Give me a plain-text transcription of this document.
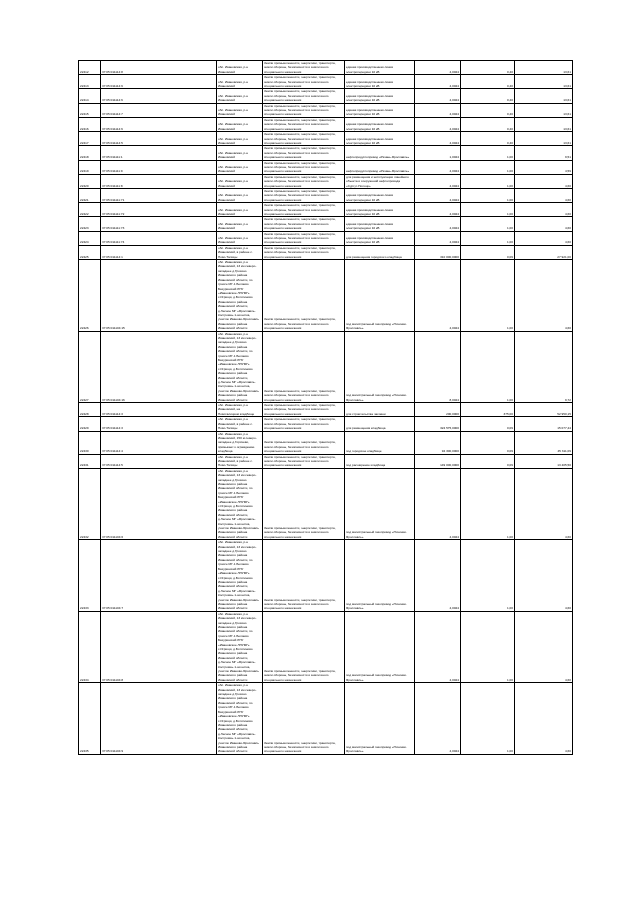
22412	37:05:011114:8	обл. Ивановская, р-н Ивановский	Земли промышленности, энергетики, транспорта, земли обороны, безопасности и земли иного специального назначения	единая производственная линия электропередачи 10 кВ	4,0024	0,40	13,61
22413	37:05:011114:9	обл. Ивановская, р-н Ивановский	Земли промышленности, энергетики, транспорта, земли обороны, безопасности и земли иного специального назначения	единая производственная линия электропередачи 10 кВ	4,0024	0,40	13,61
22414	37:05:011114:6	обл. Ивановская, р-н Ивановский	Земли промышленности, энергетики, транспорта, земли обороны, безопасности и земли иного специального назначения	единая производственная линия электропередачи 10 кВ	4,0024	0,40	13,61
22415	37:05:011114:7	обл. Ивановская, р-н Ивановский	Земли промышленности, энергетики, транспорта, земли обороны, безопасности и земли иного специального назначения	единая производственная линия электропередачи 10 кВ	4,0024	0,40	13,61
22416	37:05:011114:6	обл. Ивановская, р-н Ивановский	Земли промышленности, энергетики, транспорта, земли обороны, безопасности и земли иного специального назначения	единая производственная линия электропередачи 10 кВ	4,0024	0,40	13,61
22417	37:05:011114:5	обл. Ивановская, р-н Ивановский	Земли промышленности, энергетики, транспорта, земли обороны, безопасности и земли иного специального назначения	единая производственная линия электропередачи 10 кВ	4,0024	0,40	13,61
22418	37:05:011111:1	обл. Ивановская, р-н Ивановский	Земли промышленности, энергетики, транспорта, земли обороны, безопасности и земли иного специального назначения	нефтепродуктопровод «Рязань-Ярославль»	1,0024	1,00	9,51
22419	37:05:011111:9	обл. Ивановская, р-н Ивановский	Земли промышленности, энергетики, транспорта, земли обороны, безопасности и земли иного специального назначения	нефтепродуктопровод «Рязань-Ярославль»	4,0024	1,00	4,59
22420	37:05:011111:8	обл. Ивановская, р-н Ивановский	Земли промышленности, энергетики, транспорта, земли обороны, безопасности и земли иного специального назначения	для размещения и эксплуатации линейного объекта и сооружений нефтепровода «Сургут-Полоцк»	4,0024	1,00	4,60
22421	37:05:011111:71	обл. Ивановская, р-н Ивановский	Земли промышленности, энергетики, транспорта, земли обороны, безопасности и земли иного специального назначения	единая производственная линия электропередачи 10 кВ	4,0024	1,00	4,60
22422	37:05:011111:72	обл. Ивановская, р-н Ивановский	Земли промышленности, энергетики, транспорта, земли обороны, безопасности и земли иного специального назначения	единая производственная линия электропередачи 10 кВ	4,0024	1,00	4,60
22423	37:05:011111:73	обл. Ивановская, р-н Ивановский	Земли промышленности, энергетики, транспорта, земли обороны, безопасности и земли иного специального назначения	единая производственная линия электропередачи 10 кВ	4,0024	1,00	4,60
22424	37:05:011111:74	обл. Ивановская, р-н Ивановский	Земли промышленности, энергетики, транспорта, земли обороны, безопасности и земли иного специального назначения	единая производственная линия электропередачи 10 кВ	4,0024	1,00	4,60
22425	37:05:011114:1	обл. Ивановская, р-н Ивановский, в районе с. Ново-Талицы	Земли промышленности, энергетики, транспорта, земли обороны, безопасности и земли иного специального назначения	для размещения городского кладбища	310 000,0000	0,09	27 921,00
22426	37:05:011104:15	обл. Ивановская, р-н Ивановский, 13 км северо-западнее д.Грозино Ивановского района Ивановской области, по трассе МГ-1 Беляево Бахуринский ЛПУ «Ивановское ЛПУМГ» с.Игрищи, д.Ботятиново Ивановского района Ивановской области, д.Лесное МГ «Ярославль-Кострома» 1-ая нитка, участок Иваново-Ярославль Ивановского района Ивановской области	Земли промышленности, энергетики, транспорта, земли обороны, безопасности и земли иного специального назначения	под магистральный газопровод «Починки-Ярославль»	4,0024	1,00	4,60
22427	37:05:011104:16	обл. Ивановская, р-н Ивановский, 13 км северо-западнее д.Грозино Ивановского района Ивановской области, по трассе МГ-1 Беляево Бахуринский ЛПУ «Ивановское ЛПУМГ» с.Игрищи, д.Ботятиново Ивановского района Ивановской области, д.Лесное МГ «Ярославль-Кострома» 1-ая нитка, участок Иваново-Ярославль Ивановского района Ивановской области	Земли промышленности, энергетики, транспорта, земли обороны, безопасности и земли иного специального назначения	под магистральный газопровод «Починки-Ярославль»	8,0024	1,00	9,72
22428	37:05:011114:3	обл. Ивановская, р-н Ивановский, на Новоталицком кладбище	Земли промышленности, энергетики, транспорта, земли обороны, безопасности и земли иного специального назначения	для строительства часовни	200,0000	375,00	52 950,15
22429	37:05:011114:3	обл. Ивановская, р-н Ивановский, в районе с. Ново-Талицы	Земли промышленности, энергетики, транспорта, земли обороны, безопасности и земли иного специального назначения	для размещения кладбища	324 575,0000	0,09	15 077,44
22430	37:05:011114:4	обл. Ивановская, р-н Ивановский, 150 м северо-западнее д.Горячево, примыкает к ограждению кладбища	Земли промышленности, энергетики, транспорта, земли обороны, безопасности и земли иного специального назначения	под городское кладбище	94 300,0000	0,09	45 311,09
22431	37:05:011114:5	обл. Ивановская, р-н Ивановский, в районе с. Ново-Талицы	Земли промышленности, энергетики, транспорта, земли обороны, безопасности и земли иного специального назначения	под расширение кладбища	149 000,0000	0,09	13 405,50
22432	37:05:011104:6	обл. Ивановская, р-н Ивановский, 13 км северо-западнее д.Грозино Ивановского района Ивановской области, по трассе МГ-1 Беляево Бахуринский ЛПУ «Ивановское ЛПУМГ» с.Игрищи, д.Ботятиново Ивановского района Ивановской области, д.Лесное МГ «Ярославль-Кострома» 1-ая нитка, участок Иваново-Ярославль Ивановского района Ивановской области	Земли промышленности, энергетики, транспорта, земли обороны, безопасности и земли иного специального назначения	под магистральный газопровод «Починки-Ярославль»	4,0024	1,00	4,60
22433	37:05:011104:7	обл. Ивановская, р-н Ивановский, 13 км северо-западнее д.Грозино Ивановского района Ивановской области, по трассе МГ-1 Беляево Бахуринский ЛПУ «Ивановское ЛПУМГ» с.Игрищи, д.Ботятиново Ивановского района Ивановской области, д.Лесное МГ «Ярославль-Кострома» 1-ая нитка, участок Иваново-Ярославль Ивановского района Ивановской области	Земли промышленности, энергетики, транспорта, земли обороны, безопасности и земли иного специального назначения	под магистральный газопровод «Починки-Ярославль»	4,0024	1,00	4,60
22434	37:05:011104:8	обл. Ивановская, р-н Ивановский, 13 км северо-западнее д.Грозино Ивановского района Ивановской области, по трассе МГ-1 Беляево Бахуринский ЛПУ «Ивановское ЛПУМГ» с.Игрищи, д.Ботятиново Ивановского района Ивановской области, д.Лесное МГ «Ярославль-Кострома» 1-ая нитка, участок Иваново-Ярославль Ивановского района Ивановской области	Земли промышленности, энергетики, транспорта, земли обороны, безопасности и земли иного специального назначения	под магистральный газопровод «Починки-Ярославль»	4,0024	1,00	4,60
22435	37:05:011104:9	обл. Ивановская, р-н Ивановский, 13 км северо-западнее д.Грозино Ивановского района Ивановской области, по трассе МГ-1 Беляево Бахуринский ЛПУ «Ивановское ЛПУМГ» с.Игрищи, д.Ботятиново Ивановского района Ивановской области, д.Лесное МГ «Ярославль-Кострома» 1-ая нитка, участок Иваново-Ярославль Ивановского района Ивановской области	Земли промышленности, энергетики, транспорта, земли обороны, безопасности и земли иного специального назначения	под магистральный газопровод «Починки-Ярославль»	4,0024	1,00	4,60
